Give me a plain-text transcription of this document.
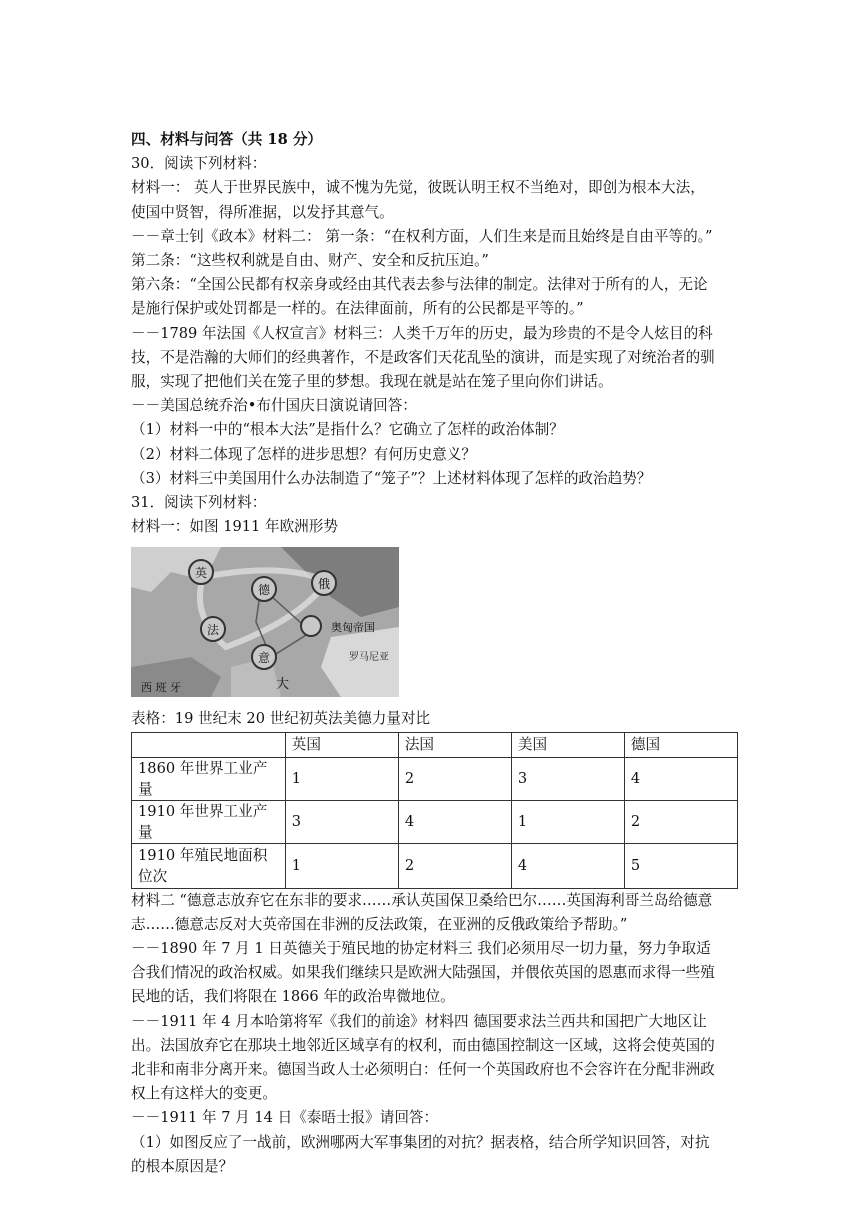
四、材料与问答（共 18 分）
30．阅读下列材料：
材料一： 英人于世界民族中，诚不愧为先觉，彼既认明王权不当绝对，即创为根本大法，
使国中贤智，得所准据，以发抒其意气。
－－章士钊《政本》材料二： 第一条：“在权利方面，人们生来是而且始终是自由平等的。”
第二条：“这些权利就是自由、财产、安全和反抗压迫。”
第六条：“全国公民都有权亲身或经由其代表去参与法律的制定。法律对于所有的人，无论
是施行保护或处罚都是一样的。在法律面前，所有的公民都是平等的。”
－－1789 年法国《人权宣言》材料三：人类千万年的历史，最为珍贵的不是令人炫目的科
技，不是浩瀚的大师们的经典著作，不是政客们天花乱坠的演讲，而是实现了对统治者的驯
服，实现了把他们关在笼子里的梦想。我现在就是站在笼子里向你们讲话。
－－美国总统乔治•布什国庆日演说请回答：
（1）材料一中的“根本大法”是指什么？它确立了怎样的政治体制？
（2）材料二体现了怎样的进步思想？有何历史意义？
（3）材料三中美国用什么办法制造了“笼子”？上述材料体现了怎样的政治趋势？
31．阅读下列材料：
材料一：如图 1911 年欧洲形势
英
德	俄
法	奥匈帝国
意	罗马尼亚
西 班 牙	大
表格：19 世纪末 20 世纪初英法美德力量对比
	英国	法国	美国	德国
1860 年世界工业产量	1	2	3	4
1910 年世界工业产量	3	4	1	2
1910 年殖民地面积位次	1	2	4	5
材料二 “德意志放弃它在东非的要求……承认英国保卫桑给巴尔……英国海利哥兰岛给德意
志……德意志反对大英帝国在非洲的反法政策，在亚洲的反俄政策给予帮助。”
－－1890 年 7 月 1 日英德关于殖民地的协定材料三 我们必须用尽一切力量，努力争取适
合我们情况的政治权威。如果我们继续只是欧洲大陆强国，并偎依英国的恩惠而求得一些殖
民地的话，我们将限在 1866 年的政治卑微地位。
－－1911 年 4 月本哈第将军《我们的前途》材料四 德国要求法兰西共和国把广大地区让
出。法国放弃它在那块土地邻近区域享有的权利，而由德国控制这一区域，这将会使英国的
北非和南非分离开来。德国当政人士必须明白：任何一个英国政府也不会容许在分配非洲政
权上有这样大的变更。
－－1911 年 7 月 14 日《泰晤士报》请回答：
（1）如图反应了一战前，欧洲哪两大军事集团的对抗？据表格，结合所学知识回答，对抗
的根本原因是？
